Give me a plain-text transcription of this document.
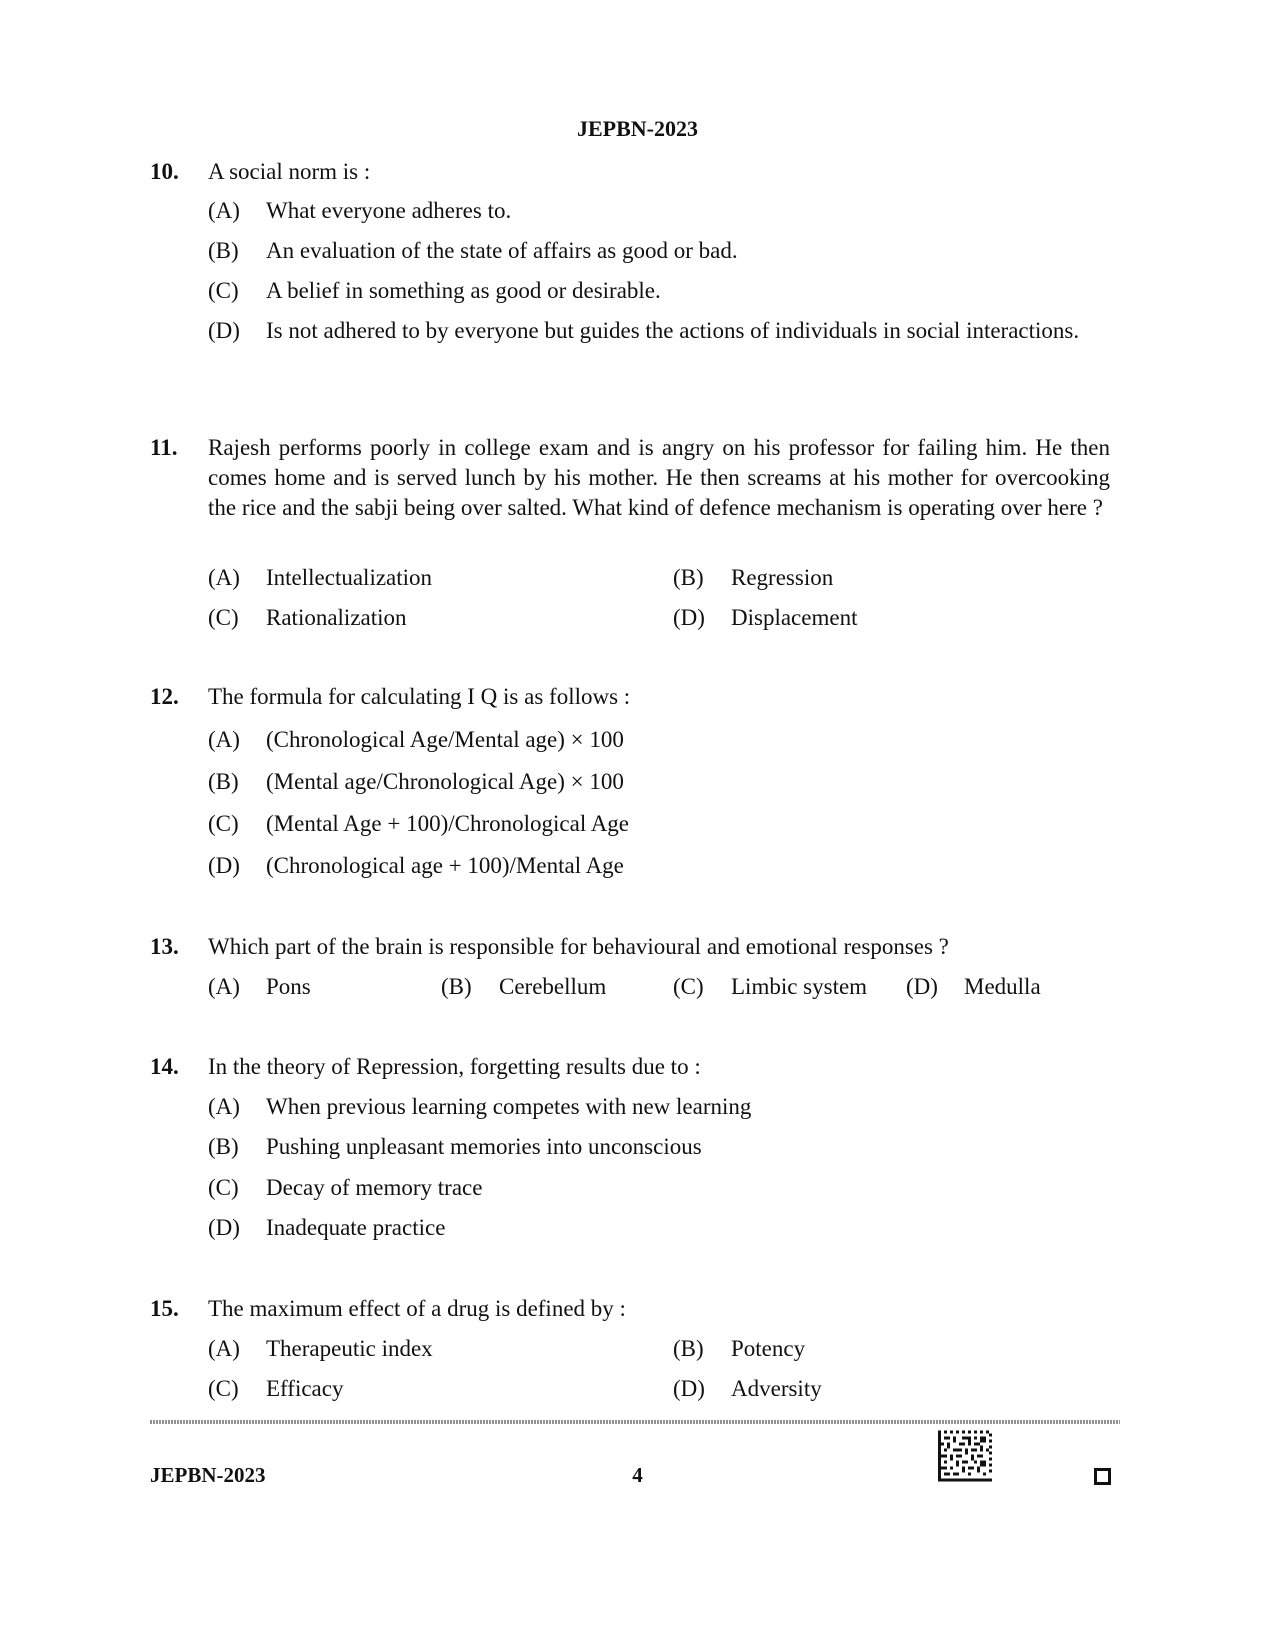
JEPBN-2023
10. A social norm is :
(A) What everyone adheres to.
(B) An evaluation of the state of affairs as good or bad.
(C) A belief in something as good or desirable.
(D) Is not adhered to by everyone but guides the actions of individuals in social interactions.
11. Rajesh performs poorly in college exam and is angry on his professor for failing him. He then comes home and is served lunch by his mother. He then screams at his mother for overcooking the rice and the sabji being over salted. What kind of defence mechanism is operating over here ?
(A) Intellectualization	(B) Regression
(C) Rationalization	(D) Displacement
12. The formula for calculating I Q is as follows :
(A) (Chronological Age/Mental age) × 100
(B) (Mental age/Chronological Age) × 100
(C) (Mental Age + 100)/Chronological Age
(D) (Chronological age + 100)/Mental Age
13. Which part of the brain is responsible for behavioural and emotional responses ?
(A) Pons	(B) Cerebellum	(C) Limbic system (D) Medulla
14. In the theory of Repression, forgetting results due to :
(A) When previous learning competes with new learning
(B) Pushing unpleasant memories into unconscious
(C) Decay of memory trace
(D) Inadequate practice
15. The maximum effect of a drug is defined by :
(A) Therapeutic index	(B) Potency
(C) Efficacy	(D) Adversity
JEPBN-2023	4
